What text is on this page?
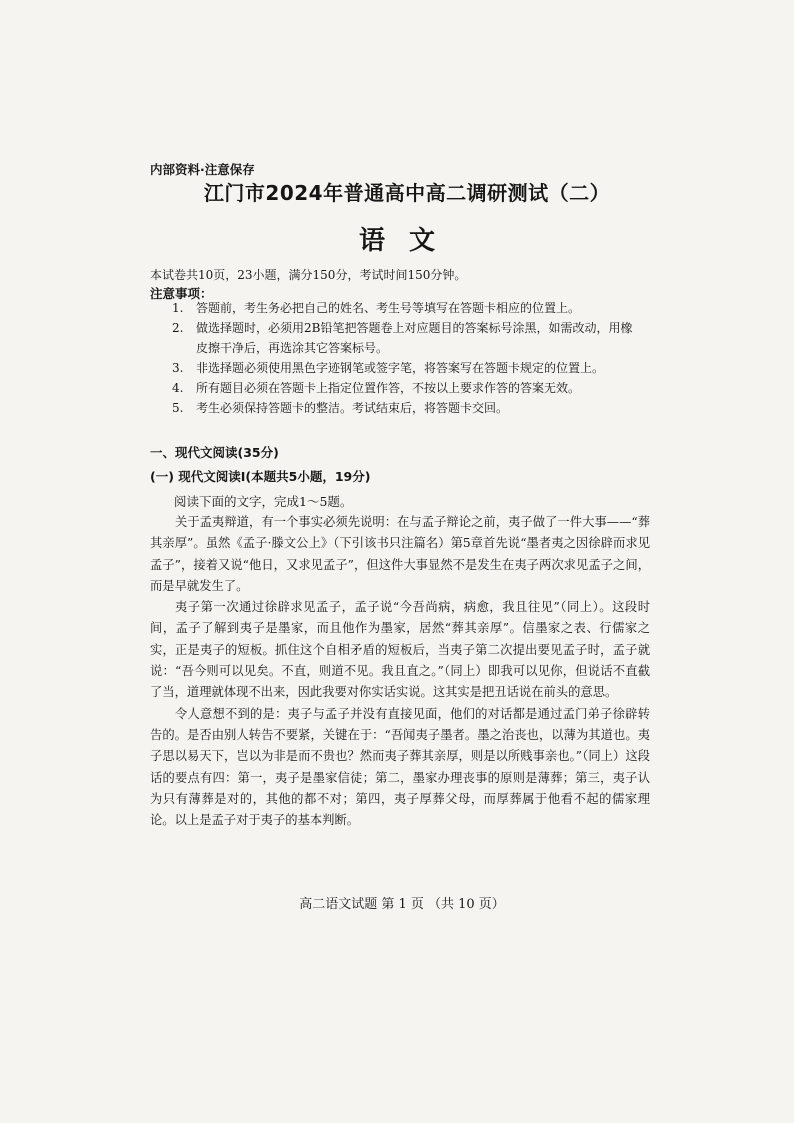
内部资料·注意保存
江门市2024年普通高中高二调研测试（二）
语文
本试卷共10页，23小题，满分150分，考试时间150分钟。
注意事项：
1.	答题前，考生务必把自己的姓名、考生号等填写在答题卡相应的位置上。
2.	做选择题时，必须用2B铅笔把答题卷上对应题目的答案标号涂黑，如需改动，用橡皮擦干净后，再选涂其它答案标号。
3.	非选择题必须使用黑色字迹钢笔或签字笔，将答案写在答题卡规定的位置上。
4.	所有题目必须在答题卡上指定位置作答，不按以上要求作答的答案无效。
5.	考生必须保持答题卡的整洁。考试结束后，将答题卡交回。
一、现代文阅读(35分)
(一) 现代文阅读Ⅰ(本题共5小题，19分)
阅读下面的文字，完成1～5题。

关于孟夷辩道，有一个事实必须先说明：在与孟子辩论之前，夷子做了一件大事——“葬其亲厚”。虽然《孟子·滕文公上》（下引该书只注篇名）第5章首先说“墨者夷之因徐辟而求见孟子”，接着又说“他日，又求见孟子”，但这件大事显然不是发生在夷子两次求见孟子之间，而是早就发生了。

夷子第一次通过徐辟求见孟子，孟子说“今吾尚病，病愈，我且往见”（同上）。这段时间，孟子了解到夷子是墨家，而且他作为墨家，居然“葬其亲厚”。信墨家之表、行儒家之实，正是夷子的短板。抓住这个自相矛盾的短板后，当夷子第二次提出要见孟子时，孟子就说：“吾今则可以见矣。不直，则道不见。我且直之。”（同上）即我可以见你，但说话不直截了当，道理就体现不出来，因此我要对你实话实说。这其实是把丑话说在前头的意思。

令人意想不到的是：夷子与孟子并没有直接见面，他们的对话都是通过孟门弟子徐辟转告的。是否由别人转告不要紧，关键在于：“吾闻夷子墨者。墨之治丧也，以薄为其道也。夷子思以易天下，岂以为非是而不贵也？然而夷子葬其亲厚，则是以所贱事亲也。”（同上）这段话的要点有四：第一，夷子是墨家信徒；第二，墨家办理丧事的原则是薄葬；第三，夷子认为只有薄葬是对的，其他的都不对；第四，夷子厚葬父母，而厚葬属于他看不起的儒家理论。以上是孟子对于夷子的基本判断。

高二语文试题 第 1 页 （共 10 页）
